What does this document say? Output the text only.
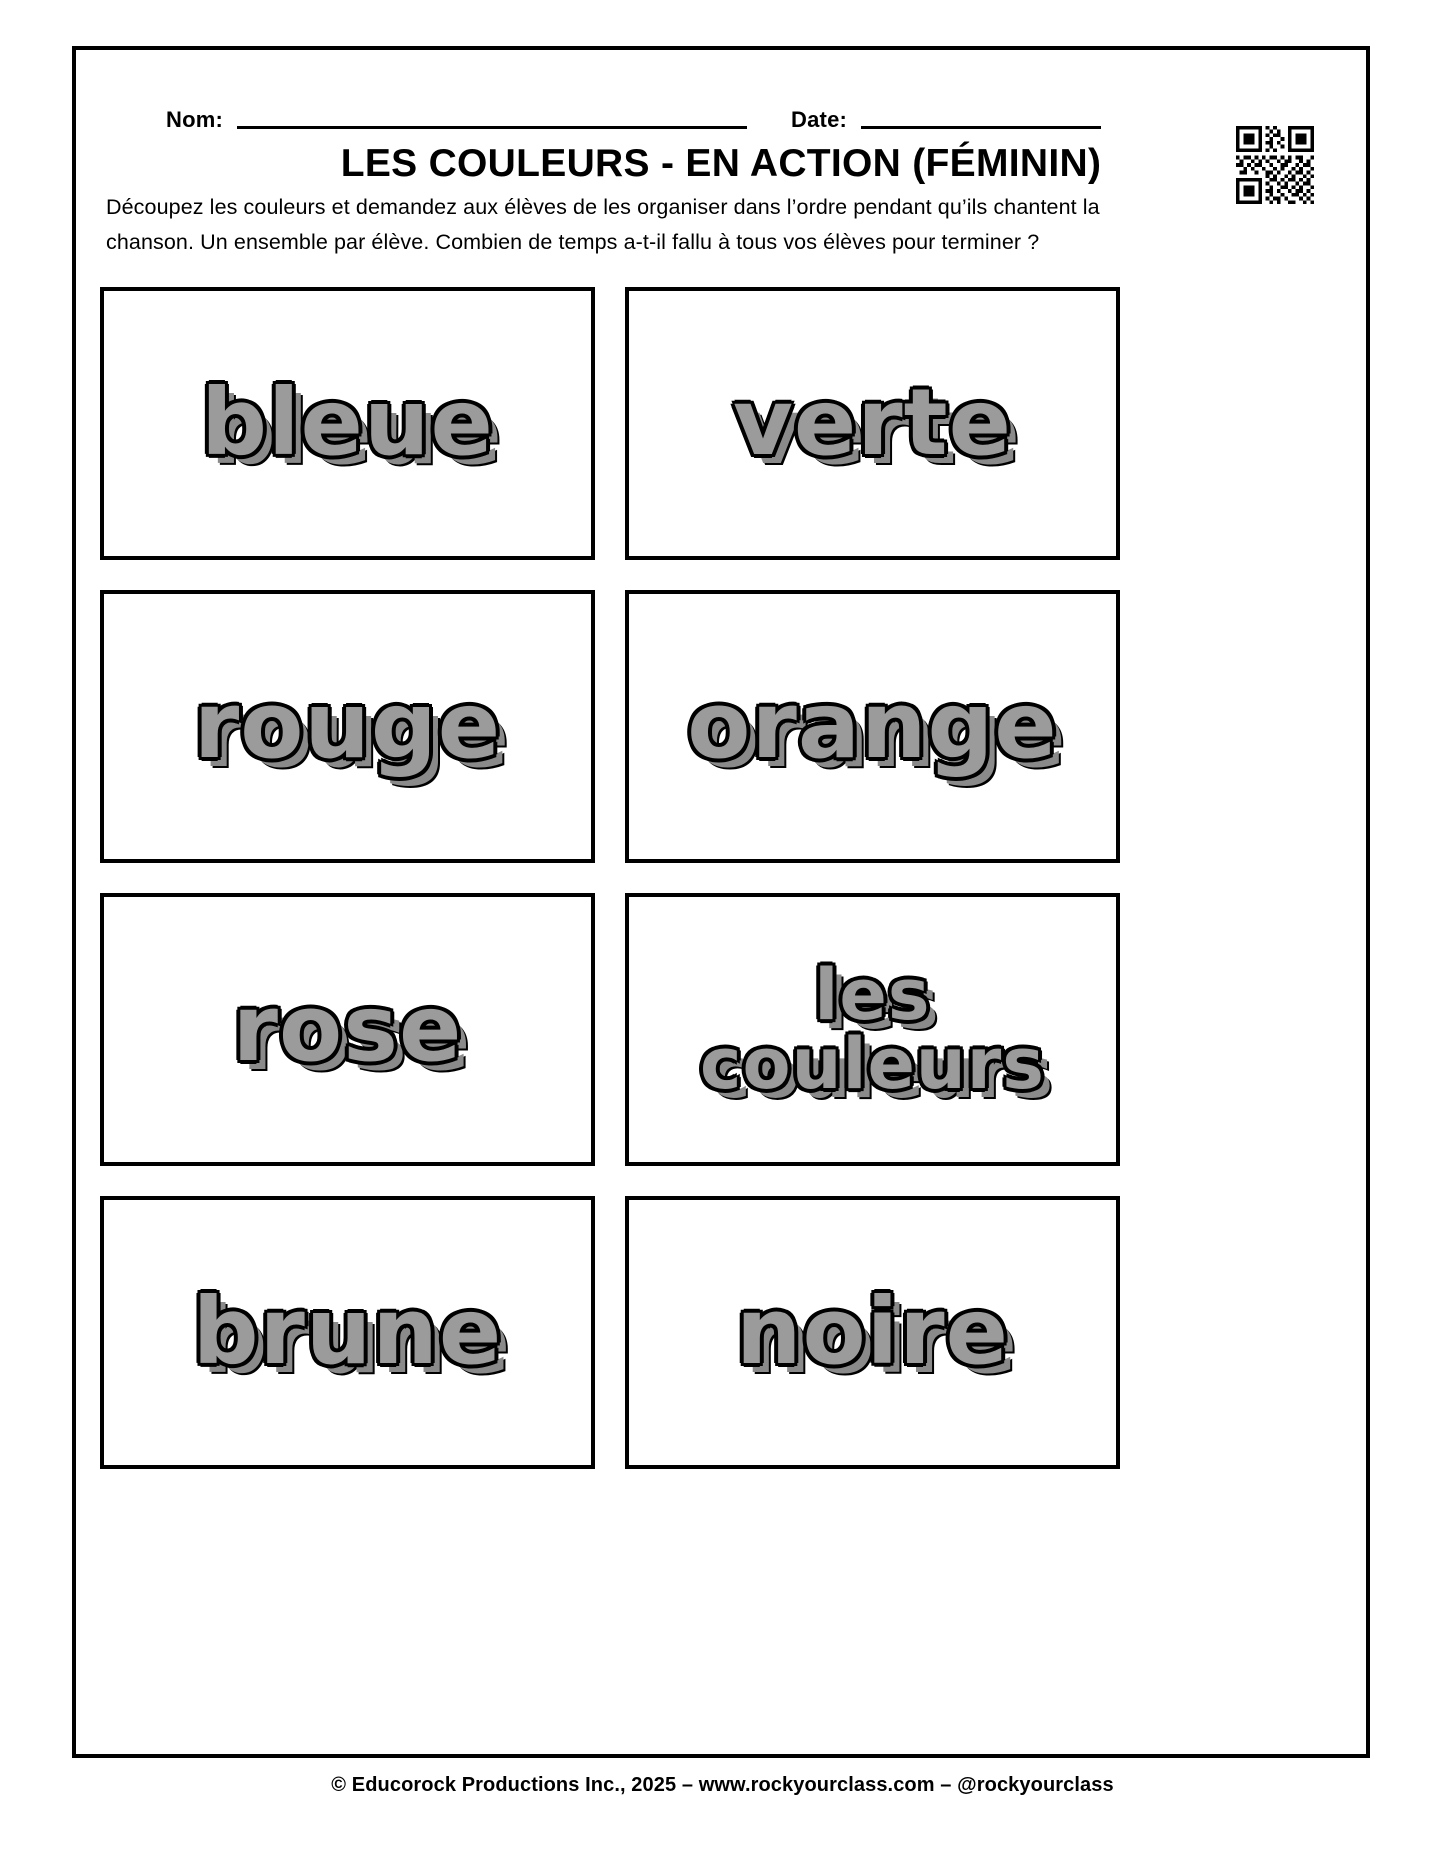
Nom:	Date:
LES COULEURS - EN ACTION (FÉMININ)
Découpez les couleurs et demandez aux élèves de les organiser dans l’ordre pendant qu’ils chantent la chanson. Un ensemble par élève. Combien de temps a-t-il fallu à tous vos élèves pour terminer ?
bleue	verte
rouge orange
rose	les
couleurs
brune	noire
© Educorock Productions Inc., 2025 – www.rockyourclass.com – @rockyourclass
